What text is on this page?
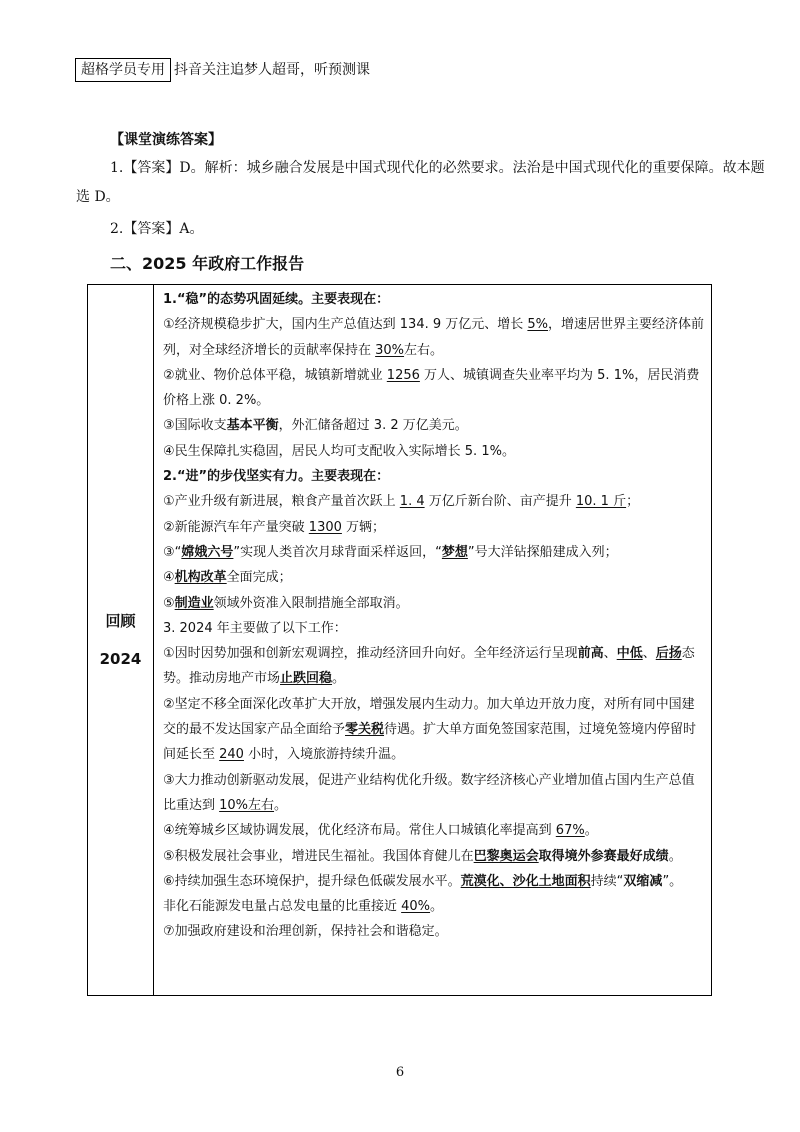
超格学员专用 抖音关注追梦人超哥，听预测课
【课堂演练答案】
1.【答案】D。解析：城乡融合发展是中国式现代化的必然要求。法治是中国式现代化的重要保障。故本题
选 D。
2.【答案】A。
二、2025 年政府工作报告
回顾
2024

1.“稳”的态势巩固延续。主要表现在：
①经济规模稳步扩大，国内生产总值达到 134. 9 万亿元、增长 5%，增速居世界主要经济体前
列，对全球经济增长的贡献率保持在 30%左右。
②就业、物价总体平稳，城镇新增就业 1256 万人、城镇调查失业率平均为 5. 1%，居民消费
价格上涨 0. 2%。
③国际收支基本平衡，外汇储备超过 3. 2 万亿美元。
④民生保障扎实稳固，居民人均可支配收入实际增长 5. 1%。
2.“进”的步伐坚实有力。主要表现在：
①产业升级有新进展，粮食产量首次跃上 1. 4 万亿斤新台阶、亩产提升 10. 1 斤；
②新能源汽车年产量突破 1300 万辆；
③“嫦娥六号”实现人类首次月球背面采样返回，“梦想”号大洋钻探船建成入列；
④机构改革全面完成；
⑤制造业领域外资准入限制措施全部取消。
3. 2024 年主要做了以下工作：
①因时因势加强和创新宏观调控，推动经济回升向好。全年经济运行呈现前高、中低、后扬态
势。推动房地产市场止跌回稳。
②坚定不移全面深化改革扩大开放，增强发展内生动力。加大单边开放力度，对所有同中国建
交的最不发达国家产品全面给予零关税待遇。扩大单方面免签国家范围，过境免签境内停留时
间延长至 240 小时，入境旅游持续升温。
③大力推动创新驱动发展，促进产业结构优化升级。数字经济核心产业增加值占国内生产总值
比重达到 10%左右。
④统筹城乡区域协调发展，优化经济布局。常住人口城镇化率提高到 67%。
⑤积极发展社会事业，增进民生福祉。我国体育健儿在巴黎奥运会取得境外参赛最好成绩。
⑥持续加强生态环境保护，提升绿色低碳发展水平。荒漠化、沙化土地面积持续“双缩减”。
非化石能源发电量占总发电量的比重接近 40%。
⑦加强政府建设和治理创新，保持社会和谐稳定。
6
